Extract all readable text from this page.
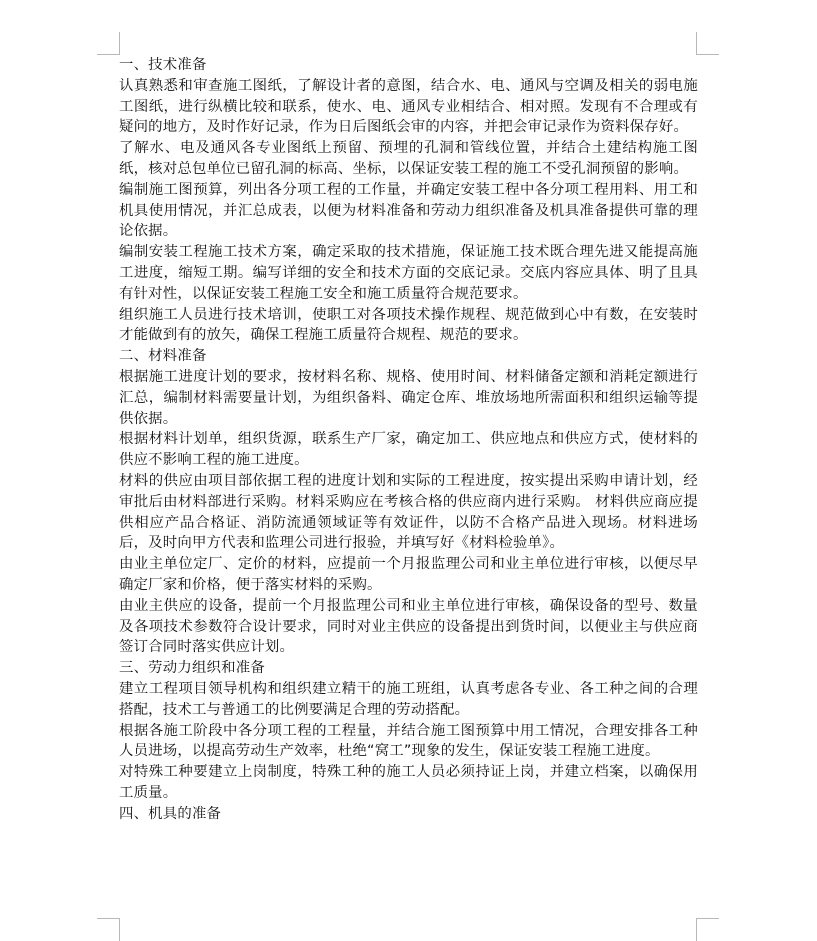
一、技术准备

认真熟悉和审查施工图纸，了解设计者的意图，结合水、电、通风与空调及相关的弱电施工图纸，进行纵横比较和联系，使水、电、通风专业相结合、相对照。发现有不合理或有疑问的地方，及时作好记录，作为日后图纸会审的内容，并把会审记录作为资料保存好。

了解水、电及通风各专业图纸上预留、预埋的孔洞和管线位置，并结合土建结构施工图纸，核对总包单位已留孔洞的标高、坐标，以保证安装工程的施工不受孔洞预留的影响。

编制施工图预算，列出各分项工程的工作量，并确定安装工程中各分项工程用料、用工和机具使用情况，并汇总成表，以便为材料准备和劳动力组织准备及机具准备提供可靠的理论依据。

编制安装工程施工技术方案，确定采取的技术措施，保证施工技术既合理先进又能提高施工进度，缩短工期。编写详细的安全和技术方面的交底记录。交底内容应具体、明了且具有针对性，以保证安装工程施工安全和施工质量符合规范要求。

组织施工人员进行技术培训，使职工对各项技术操作规程、规范做到心中有数，在安装时才能做到有的放矢，确保工程施工质量符合规程、规范的要求。

二、材料准备

根据施工进度计划的要求，按材料名称、规格、使用时间、材料储备定额和消耗定额进行汇总，编制材料需要量计划，为组织备料、确定仓库、堆放场地所需面积和组织运输等提供依据。

根据材料计划单，组织货源，联系生产厂家，确定加工、供应地点和供应方式，使材料的供应不影响工程的施工进度。

材料的供应由项目部依据工程的进度计划和实际的工程进度，按实提出采购申请计划，经审批后由材料部进行采购。材料采购应在考核合格的供应商内进行采购。 材料供应商应提供相应产品合格证、消防流通领域证等有效证件，以防不合格产品进入现场。材料进场后，及时向甲方代表和监理公司进行报验，并填写好《材料检验单》。

由业主单位定厂、定价的材料，应提前一个月报监理公司和业主单位进行审核，以便尽早确定厂家和价格，便于落实材料的采购。

由业主供应的设备，提前一个月报监理公司和业主单位进行审核，确保设备的型号、数量及各项技术参数符合设计要求，同时对业主供应的设备提出到货时间，以便业主与供应商签订合同时落实供应计划。

三、劳动力组织和准备

建立工程项目领导机构和组织建立精干的施工班组，认真考虑各专业、各工种之间的合理搭配，技术工与普通工的比例要满足合理的劳动搭配。

根据各施工阶段中各分项工程的工程量，并结合施工图预算中用工情况，合理安排各工种人员进场，以提高劳动生产效率，杜绝“窝工”现象的发生，保证安装工程施工进度。

对特殊工种要建立上岗制度，特殊工种的施工人员必须持证上岗，并建立档案，以确保用工质量。

四、机具的准备
